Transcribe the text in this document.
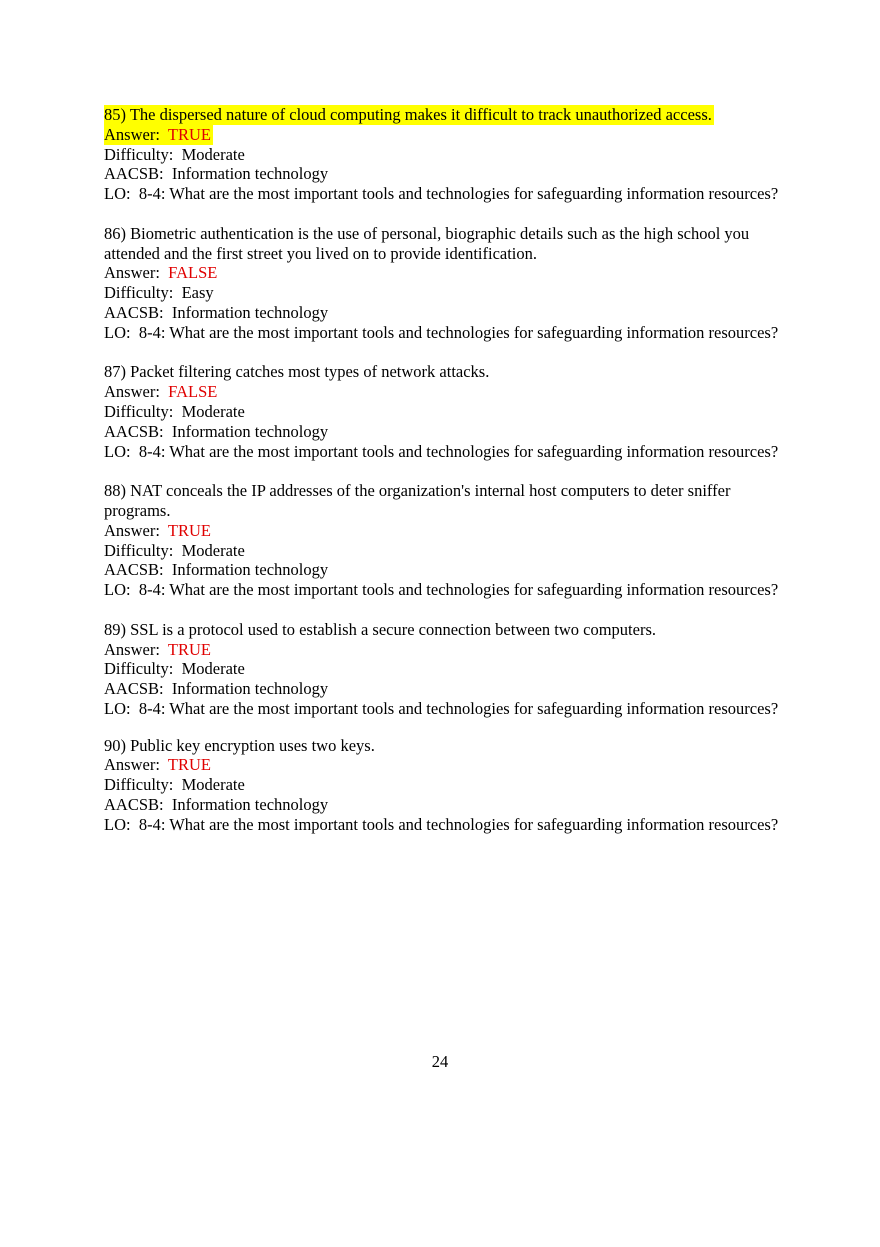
85) The dispersed nature of cloud computing makes it difficult to track unauthorized access.
Answer: TRUE
Difficulty:  Moderate
AACSB:  Information technology
LO:  8-4: What are the most important tools and technologies for safeguarding information resources?
86) Biometric authentication is the use of personal, biographic details such as the high school you attended and the first street you lived on to provide identification.
Answer: FALSE
Difficulty:  Easy
AACSB:  Information technology
LO:  8-4: What are the most important tools and technologies for safeguarding information resources?
87) Packet filtering catches most types of network attacks.
Answer: FALSE
Difficulty:  Moderate
AACSB:  Information technology
LO:  8-4: What are the most important tools and technologies for safeguarding information resources?
88) NAT conceals the IP addresses of the organization's internal host computers to deter sniffer programs.
Answer: TRUE
Difficulty:  Moderate
AACSB:  Information technology
LO:  8-4: What are the most important tools and technologies for safeguarding information resources?
89) SSL is a protocol used to establish a secure connection between two computers.
Answer: TRUE
Difficulty:  Moderate
AACSB:  Information technology
LO:  8-4: What are the most important tools and technologies for safeguarding information resources?
90) Public key encryption uses two keys.
Answer: TRUE
Difficulty:  Moderate
AACSB:  Information technology
LO:  8-4: What are the most important tools and technologies for safeguarding information resources?
24
